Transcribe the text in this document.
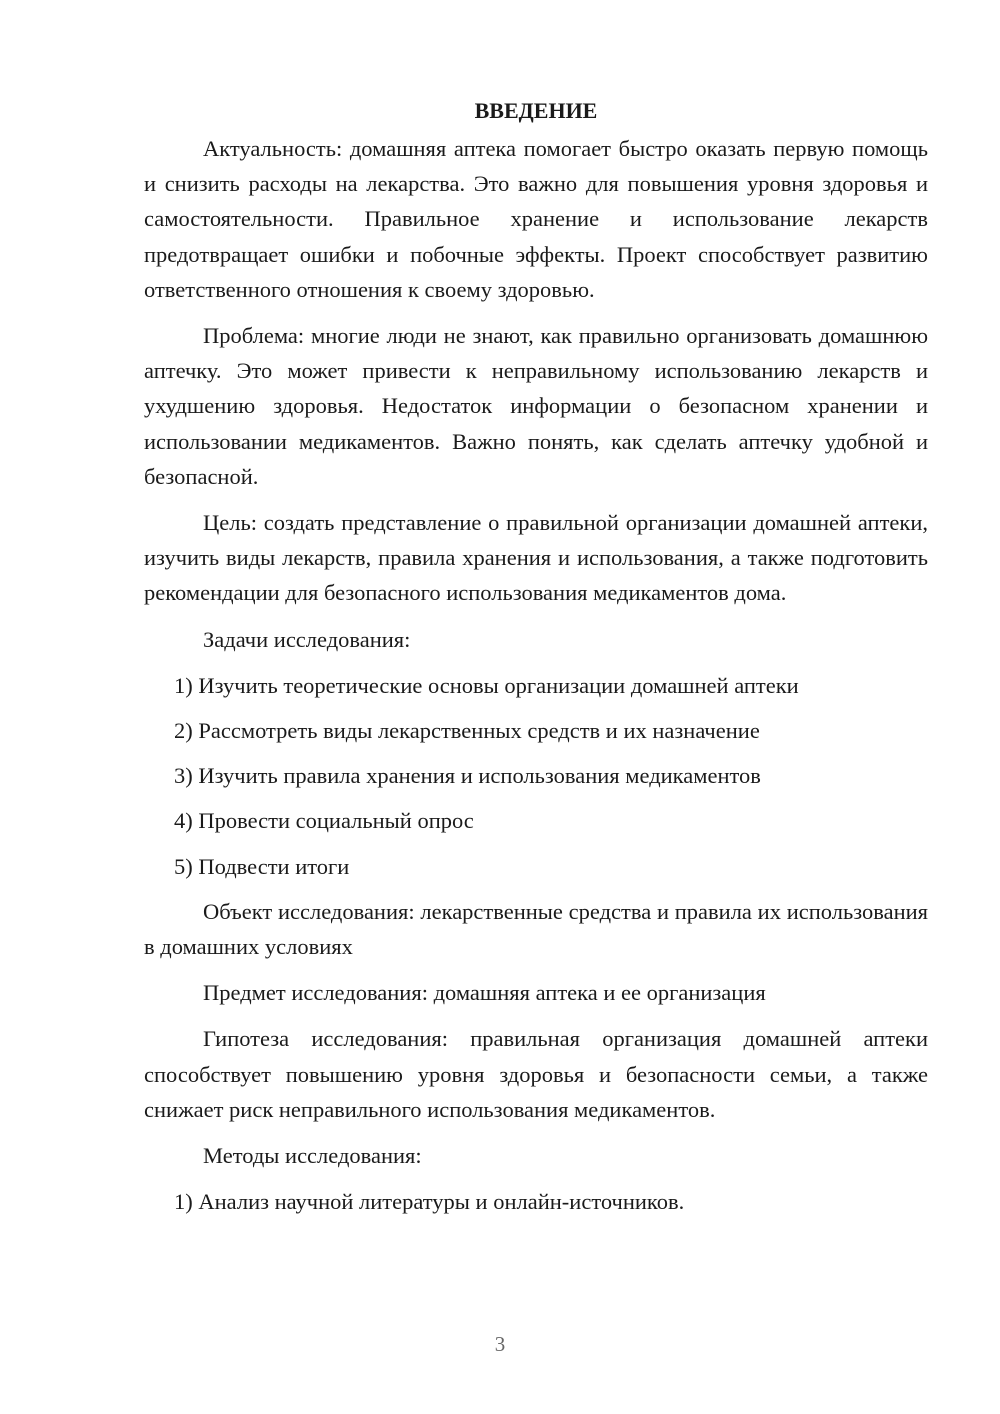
ВВЕДЕНИЕ

Актуальность: домашняя аптека помогает быстро оказать первую помощь и снизить расходы на лекарства. Это важно для повышения уровня здоровья и самостоятельности. Правильное хранение и использование лекарств предотвращает ошибки и побочные эффекты. Проект способствует развитию ответственного отношения к своему здоровью.

Проблема: многие люди не знают, как правильно организовать домашнюю аптечку. Это может привести к неправильному использованию лекарств и ухудшению здоровья. Недостаток информации о безопасном хранении и использовании медикаментов. Важно понять, как сделать аптечку удобной и безопасной.

Цель: создать представление о правильной организации домашней аптеки, изучить виды лекарств, правила хранения и использования, а также подготовить рекомендации для безопасного использования медикаментов дома.

Задачи исследования:

1) Изучить теоретические основы организации домашней аптеки
2) Рассмотреть виды лекарственных средств и их назначение
3) Изучить правила хранения и использования медикаментов
4) Провести социальный опрос
5) Подвести итоги

Объект исследования: лекарственные средства и правила их использования в домашних условиях

Предмет исследования: домашняя аптека и ее организация

Гипотеза исследования: правильная организация домашней аптеки способствует повышению уровня здоровья и безопасности семьи, а также снижает риск неправильного использования медикаментов.

Методы исследования:

1) Анализ научной литературы и онлайн-источников.
3
